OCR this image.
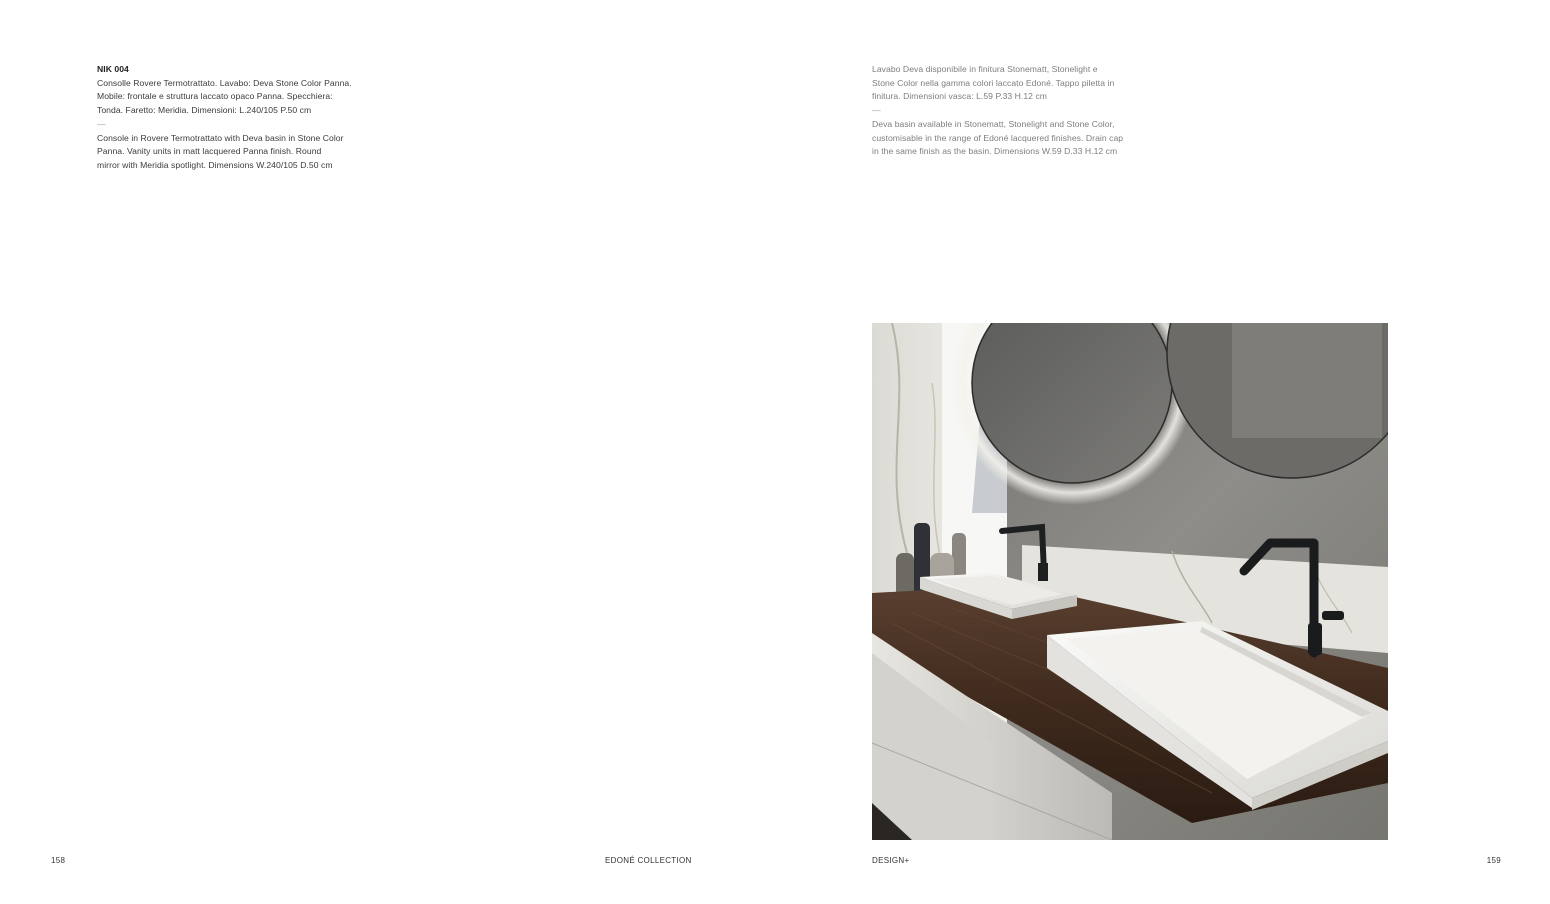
NIK 004

Consolle Rovere Termotrattato. Lavabo: Deva Stone Color Panna.

Mobile: frontale e struttura laccato opaco Panna. Specchiera:

Tonda. Faretto: Meridia. Dimensioni: L.240/105 P.50 cm

—

Console in Rovere Termotrattato with Deva basin in Stone Color

Panna. Vanity units in matt lacquered Panna finish. Round

mirror with Meridia spotlight. Dimensions W.240/105 D.50 cm

158	EDONÉ COLLECTION

Lavabo Deva disponibile in finitura Stonematt, Stonelight e

Stone Color nella gamma colori laccato Edoné. Tappo piletta in

finitura. Dimensioni vasca: L.59 P.33 H.12 cm

—

Deva basin available in Stonematt, Stonelight and Stone Color,

customisable in the range of Edoné lacquered finishes. Drain cap

in the same finish as the basin. Dimensions W.59 D.33 H.12 cm

DESIGN+	159
